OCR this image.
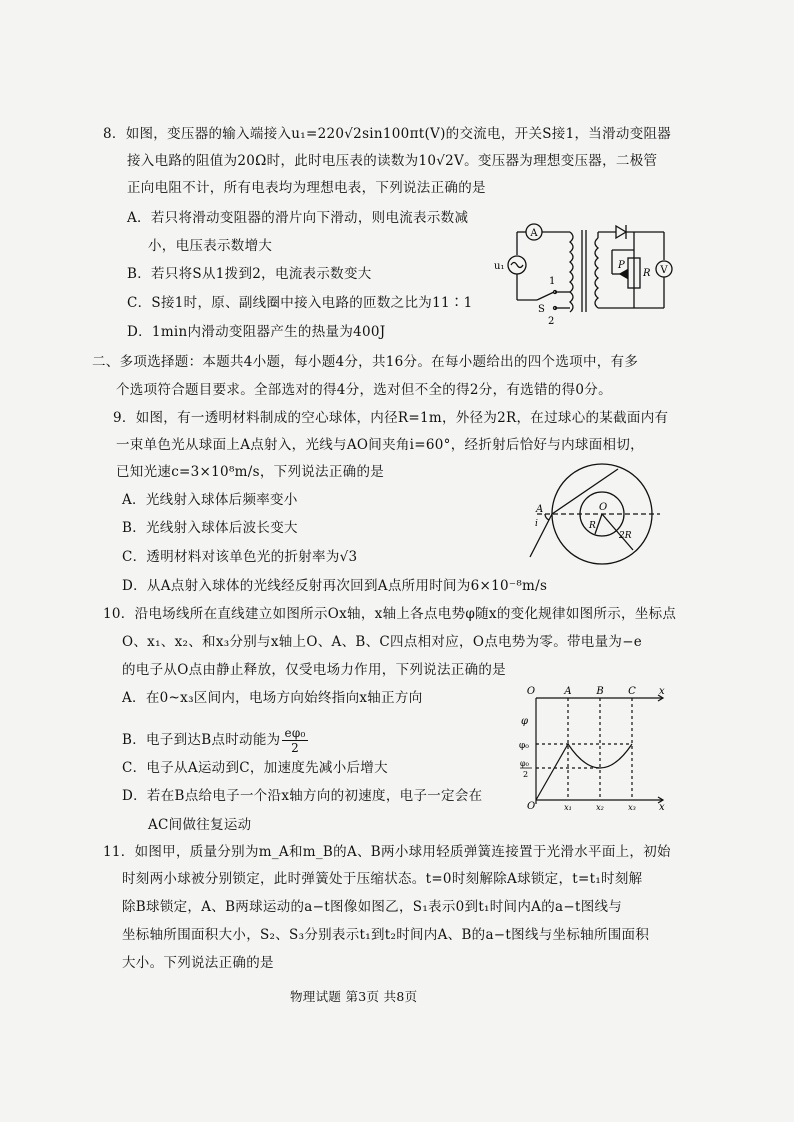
8．如图，变压器的输入端接入u₁=220√2sin100πt(V)的交流电，开关S接1，当滑动变阻器
接入电路的阻值为20Ω时，此时电压表的读数为10√2V。变压器为理想变压器，二极管
正向电阻不计，所有电表均为理想电表，下列说法正确的是
A．若只将滑动变阻器的滑片向下滑动，则电流表示数减
小，电压表示数增大
B．若只将S从1拨到2，电流表示数变大
C．S接1时，原、副线圈中接入电路的匝数之比为11∶1
D．1min内滑动变阻器产生的热量为400J
A
V
u₁	P
R
1
2
S
二、多项选择题：本题共4小题，每小题4分，共16分。在每小题给出的四个选项中，有多
个选项符合题目要求。全部选对的得4分，选对但不全的得2分，有选错的得0分。
9．如图，有一透明材料制成的空心球体，内径R=1m，外径为2R，在过球心的某截面内有
一束单色光从球面上A点射入，光线与AO间夹角i=60°，经折射后恰好与内球面相切，
已知光速c=3×10⁸m/s，下列说法正确的是
A．光线射入球体后频率变小
B．光线射入球体后波长变大
C．透明材料对该单色光的折射率为√3
D．从A点射入球体的光线经反射再次回到A点所用时间为6×10⁻⁸m/s
A
i
O
R
2R
10．沿电场线所在直线建立如图所示Ox轴，x轴上各点电势φ随x的变化规律如图所示，坐标点
O、x₁、x₂、和x₃分别与x轴上O、A、B、C四点相对应，O点电势为零。带电量为−e
的电子从O点由静止释放，仅受电场力作用，下列说法正确的是
A．在0~x₃区间内，电场方向始终指向x轴正方向
B．电子到达B点时动能为 $\frac{\text{eφ₀}}{2}$
C．电子从A运动到C，加速度先减小后增大
D．若在B点给电子一个沿x轴方向的初速度，电子一定会在
AC间做往复运动
O	A B C x
φ
φ₀
φ₀
2
O	x₁	x₂	x₃ x
11．如图甲，质量分别为m_A和m_B的A、B两小球用轻质弹簧连接置于光滑水平面上，初始
时刻两小球被分别锁定，此时弹簧处于压缩状态。t=0时刻解除A球锁定，t=t₁时刻解
除B球锁定，A、B两球运动的a−t图像如图乙，S₁表示0到t₁时间内A的a−t图线与
坐标轴所围面积大小，S₂、S₃分别表示t₁到t₂时间内A、B的a−t图线与坐标轴所围面积
大小。下列说法正确的是
物理试题 第3页 共8页
